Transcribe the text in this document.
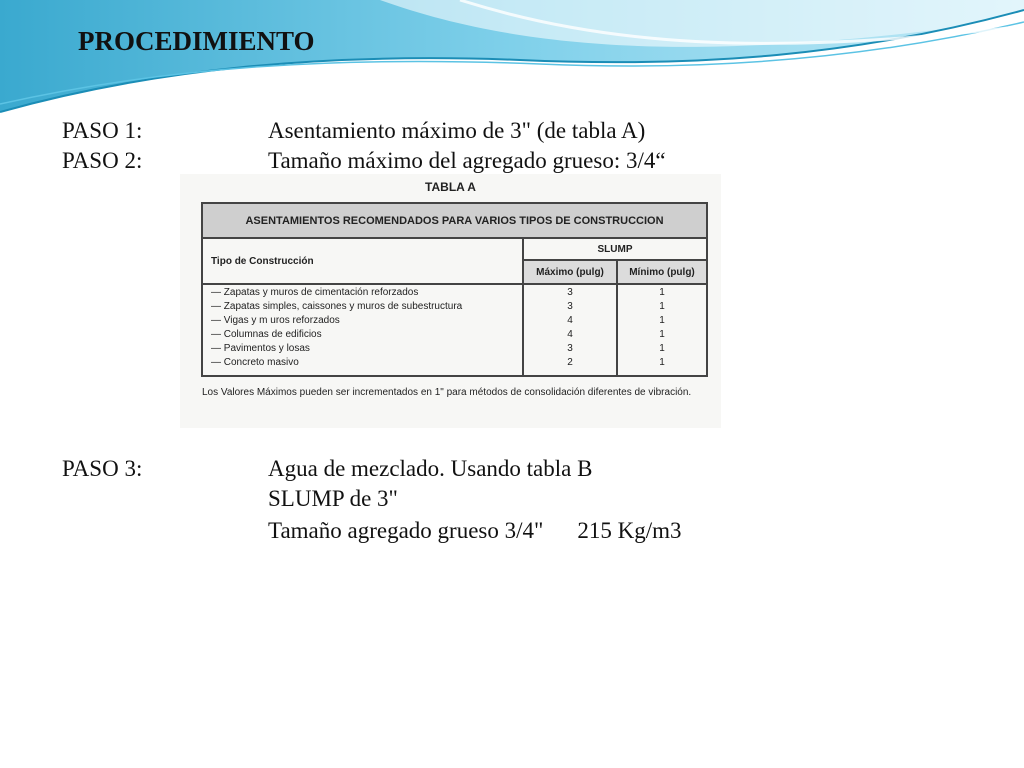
PROCEDIMIENTO
PASO 1:	Asentamiento máximo de 3" (de tabla A)
PASO 2:	Tamaño máximo del agregado grueso: 3/4“
TABLA A
ASENTAMIENTOS RECOMENDADOS PARA VARIOS TIPOS DE CONSTRUCCION
Tipo de Construcción
SLUMP
Máximo (pulg)	Mínimo (pulg)
— Zapatas y muros de cimentación reforzados	3	1
— Zapatas simples, caissones y muros de subestructura	3	1
— Vigas y m uros reforzados	4	1
— Columnas de edificios	4	1
— Pavimentos y losas	3	1
— Concreto masivo	2	1
Los Valores Máximos pueden ser incrementados en 1" para métodos de consolidación diferentes de vibración.
PASO 3:	Agua de mezclado. Usando tabla B
SLUMP de 3"
Tamaño agregado grueso 3/4" 215 Kg/m3
